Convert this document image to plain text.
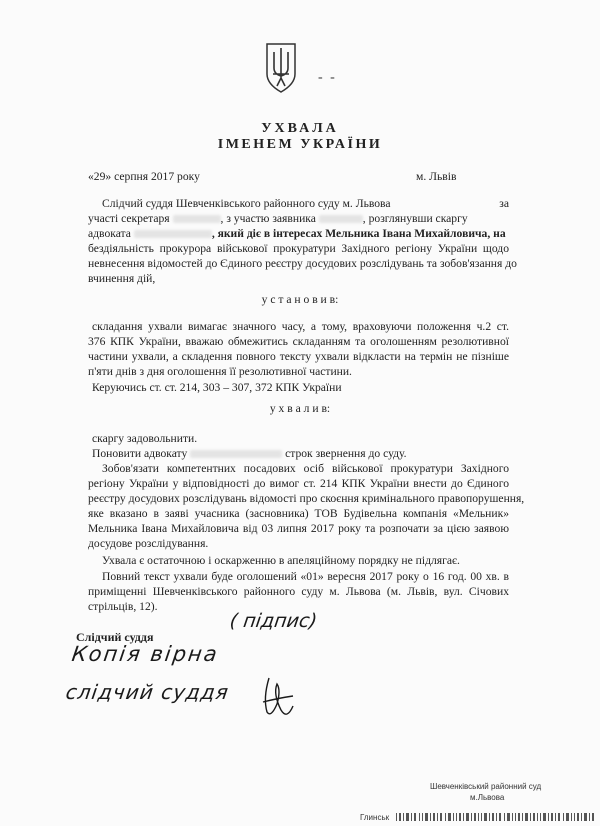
- -
УХВАЛА
ІМЕНЕМ УКРАЇНИ
«29» серпня 2017 року	м. Львів
Слідчий суддя Шевченківського районного суду м. Львова	за
участі секретаря	, з участю заявника	, розглянувши скаргу
адвоката	, який діє в інтересах Мельника Івана Михайловича, на
бездіяльність прокурора військової прокуратури Західного регіону України щодо
невнесення відомостей до Єдиного реєстру досудових розслідувань та зобов'язання до
вчинення дій,
у с т а н о в и в:
складання ухвали вимагає значного часу, а тому, враховуючи положення ч.2 ст.
376 КПК України, вважаю обмежитись складанням та оголошенням резолютивної
частини ухвали, а складення повного тексту ухвали відкласти на термін не пізніше
п'яти днів з дня оголошення її резолютивної частини.
Керуючись ст. ст. 214, 303 – 307, 372 КПК України
у х в а л и в:
скаргу задовольнити.
Поновити адвокату	строк звернення до суду.
Зобов'язати компетентних посадових осіб військової прокуратури Західного
регіону України у відповідності до вимог ст. 214 КПК України внести до Єдиного
реєстру досудових розслідувань відомості про скоєння кримінального правопорушення,
яке вказано в заяві учасника (засновника) ТОВ Будівельна компанія «Мельник»
Мельника Івана Михайловича від 03 липня 2017 року та розпочати за цією заявою
досудове розслідування.
Ухвала є остаточною і оскарженню в апеляційному порядку не підлягає.
Повний текст ухвали буде оголошений «01» вересня 2017 року о 16 год. 00 хв. в
приміщенні Шевченківського районного суду м. Львова (м. Львів, вул. Січових
стрільців, 12).
Слідчий суддя
( підпис)
Копія вірна
слідчий суддя
Шевченківський районний суд
м.Львова
Глинськ
